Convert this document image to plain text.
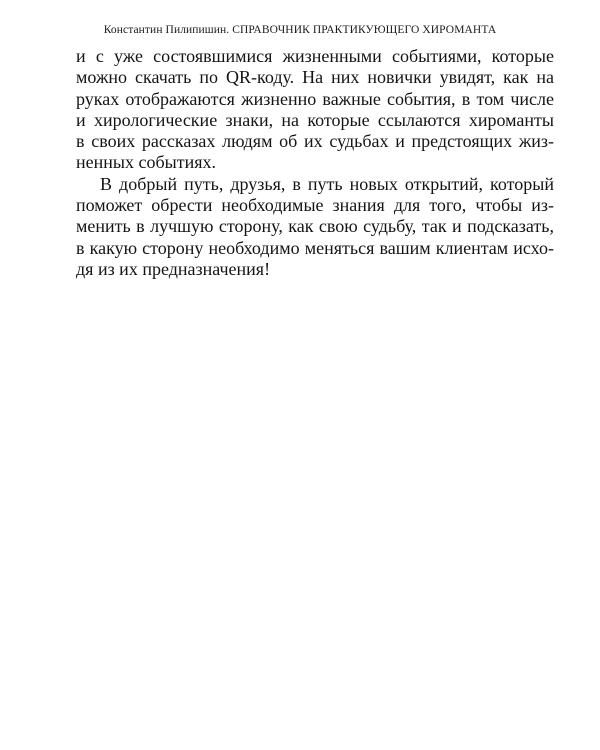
Константин Пилипишин. СПРАВОЧНИК ПРАКТИКУЮЩЕГО ХИРОМАНТА
и с уже состоявшимися жизненными событиями, которые
можно скачать по QR-коду. На них новички увидят, как на
руках отображаются жизненно важные события, в том числе
и хирологические знаки, на которые ссылаются хироманты
в своих рассказах людям об их судьбах и предстоящих жиз-
ненных событиях.
В добрый путь, друзья, в путь новых открытий, который
поможет обрести необходимые знания для того, чтобы из-
менить в лучшую сторону, как свою судьбу, так и подсказать,
в какую сторону необходимо меняться вашим клиентам исхо-
дя из их предназначения!
